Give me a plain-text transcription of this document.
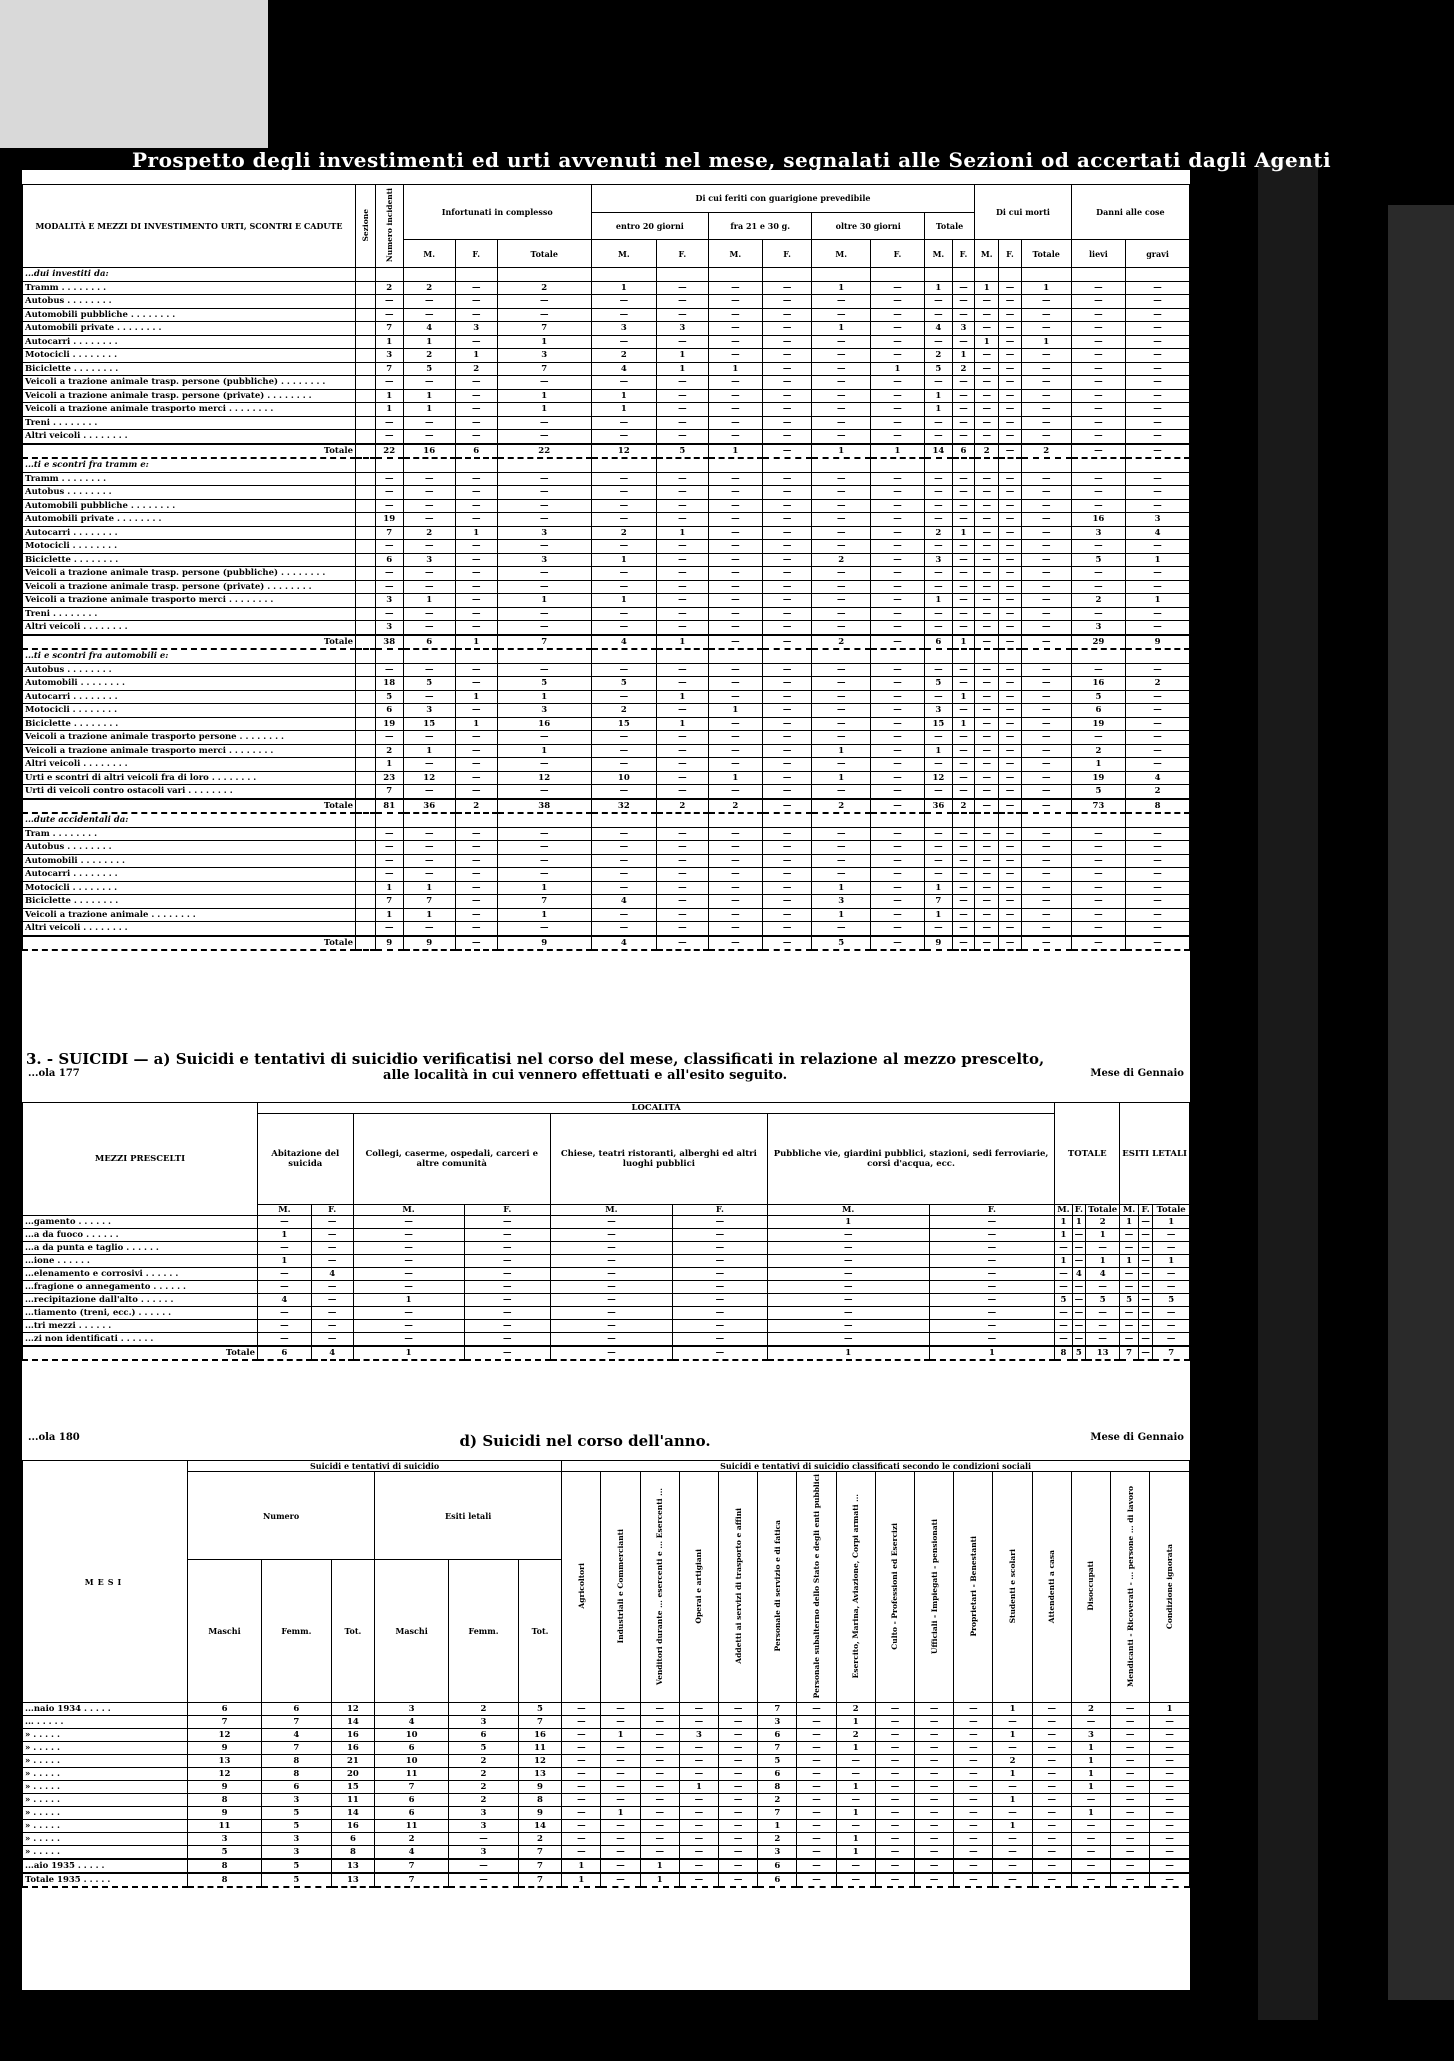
Prospetto degli investimenti ed urti avvenuti nel mese, segnalati alle Sezioni od accertati dagli Agenti
MODALITÀ E MEZZI DI INVESTIMENTO URTI, SCONTRI E CADUTE	Sezione	Numero incidenti	Infortunati in complesso			Di cui feriti con guarigione prevedibile								Di cui morti			Danni alle cose	
						entro 20 giorni		fra 21 e 30 g.		oltre 30 giorni		Totale						
			M.	F.	Totale	M.	F.	M.	F.	M.	F.	M.	F.	M.	F.	Totale	lievi	gravi
...dui investiti da:																		
Tramm . . . . . . . .		2	2	—	2	1	—	—	—	1	—	1	—	1	—	1	—	—
Autobus . . . . . . . .		—	—	—	—	—	—	—	—	—	—	—	—	—	—	—	—	—
Automobili pubbliche . . . . . . . .		—	—	—	—	—	—	—	—	—	—	—	—	—	—	—	—	—
Automobili private . . . . . . . .		7	4	3	7	3	3	—	—	1	—	4	3	—	—	—	—	—
Autocarri . . . . . . . .		1	1	—	1	—	—	—	—	—	—	—	—	1	—	1	—	—
Motocicli . . . . . . . .		3	2	1	3	2	1	—	—	—	—	2	1	—	—	—	—	—
Biciclette . . . . . . . .		7	5	2	7	4	1	1	—	—	1	5	2	—	—	—	—	—
Veicoli a trazione animale trasp. persone (pubbliche) . . . . . . . .		—	—	—	—	—	—	—	—	—	—	—	—	—	—	—	—	—
Veicoli a trazione animale trasp. persone (private) . . . . . . . .		1	1	—	1	1	—	—	—	—	—	1	—	—	—	—	—	—
Veicoli a trazione animale trasporto merci . . . . . . . .		1	1	—	1	1	—	—	—	—	—	1	—	—	—	—	—	—
Treni . . . . . . . .		—	—	—	—	—	—	—	—	—	—	—	—	—	—	—	—	—
Altri veicoli . . . . . . . .		—	—	—	—	—	—	—	—	—	—	—	—	—	—	—	—	—
Totale		22	16	6	22	12	5	1	—	1	1	14	6	2	—	2	—	—
...ti e scontri fra tramm e:																		
Tramm . . . . . . . .		—	—	—	—	—	—	—	—	—	—	—	—	—	—	—	—	—
Autobus . . . . . . . .		—	—	—	—	—	—	—	—	—	—	—	—	—	—	—	—	—
Automobili pubbliche . . . . . . . .		—	—	—	—	—	—	—	—	—	—	—	—	—	—	—	—	—
Automobili private . . . . . . . .		19	—	—	—	—	—	—	—	—	—	—	—	—	—	—	16	3
Autocarri . . . . . . . .		7	2	1	3	2	1	—	—	—	—	2	1	—	—	—	3	4
Motocicli . . . . . . . .		—	—	—	—	—	—	—	—	—	—	—	—	—	—	—	—	—
Biciclette . . . . . . . .		6	3	—	3	1	—	—	—	2	—	3	—	—	—	—	5	1
Veicoli a trazione animale trasp. persone (pubbliche) . . . . . . . .		—	—	—	—	—	—	—	—	—	—	—	—	—	—	—	—	—
Veicoli a trazione animale trasp. persone (private) . . . . . . . .		—	—	—	—	—	—	—	—	—	—	—	—	—	—	—	—	—
Veicoli a trazione animale trasporto merci . . . . . . . .		3	1	—	1	1	—	—	—	—	—	1	—	—	—	—	2	1
Treni . . . . . . . .		—	—	—	—	—	—	—	—	—	—	—	—	—	—	—	—	—
Altri veicoli . . . . . . . .		3	—	—	—	—	—	—	—	—	—	—	—	—	—	—	3	—
Totale		38	6	1	7	4	1	—	—	2	—	6	1	—	—	—	29	9
...ti e scontri fra automobili e:																		
Autobus . . . . . . . .		—	—	—	—	—	—	—	—	—	—	—	—	—	—	—	—	—
Automobili . . . . . . . .		18	5	—	5	5	—	—	—	—	—	5	—	—	—	—	16	2
Autocarri . . . . . . . .		5	—	1	1	—	1	—	—	—	—	—	1	—	—	—	5	—
Motocicli . . . . . . . .		6	3	—	3	2	—	1	—	—	—	3	—	—	—	—	6	—
Biciclette . . . . . . . .		19	15	1	16	15	1	—	—	—	—	15	1	—	—	—	19	—
Veicoli a trazione animale trasporto persone . . . . . . . .		—	—	—	—	—	—	—	—	—	—	—	—	—	—	—	—	—
Veicoli a trazione animale trasporto merci . . . . . . . .		2	1	—	1	—	—	—	—	1	—	1	—	—	—	—	2	—
Altri veicoli . . . . . . . .		1	—	—	—	—	—	—	—	—	—	—	—	—	—	—	1	—
Urti e scontri di altri veicoli fra di loro . . . . . . . .		23	12	—	12	10	—	1	—	1	—	12	—	—	—	—	19	4
Urti di veicoli contro ostacoli vari . . . . . . . .		7	—	—	—	—	—	—	—	—	—	—	—	—	—	—	5	2
Totale		81	36	2	38	32	2	2	—	2	—	36	2	—	—	—	73	8
...dute accidentali da:																		
Tram . . . . . . . .		—	—	—	—	—	—	—	—	—	—	—	—	—	—	—	—	—
Autobus . . . . . . . .		—	—	—	—	—	—	—	—	—	—	—	—	—	—	—	—	—
Automobili . . . . . . . .		—	—	—	—	—	—	—	—	—	—	—	—	—	—	—	—	—
Autocarri . . . . . . . .		—	—	—	—	—	—	—	—	—	—	—	—	—	—	—	—	—
Motocicli . . . . . . . .		1	1	—	1	—	—	—	—	1	—	1	—	—	—	—	—	—
Biciclette . . . . . . . .		7	7	—	7	4	—	—	—	3	—	7	—	—	—	—	—	—
Veicoli a trazione animale . . . . . . . .		1	1	—	1	—	—	—	—	1	—	1	—	—	—	—	—	—
Altri veicoli . . . . . . . .		—	—	—	—	—	—	—	—	—	—	—	—	—	—	—	—	—
Totale		9	9	—	9	4	—	—	—	5	—	9	—	—	—	—	—	—
3. - SUICIDI — a) Suicidi e tentativi di suicidio verificatisi nel corso del mese, classificati in relazione al mezzo prescelto,
...ola 177	alle località in cui vennero effettuati e all'esito seguito.	Mese di Gennaio
MEZZI PRESCELTI	LOCALITÀ								TOTALE			ESITI LETALI		
	Abitazione del suicida		Collegi, caserme, ospedali, carceri e altre comunità		Chiese, teatri ristoranti, alberghi ed altri luoghi pubblici		Pubbliche vie, giardini pubblici, stazioni, sedi ferroviarie, corsi d'acqua, ecc.							
	M.	F.	M.	F.	M.	F.	M.	F.	M.	F.	Totale	M.	F.	Totale
...gamento . . . . . .	—	—	—	—	—	—	1	—	1	1	2	1	—	1
...a da fuoco . . . . . .	1	—	—	—	—	—	—	—	1	—	1	—	—	—
...a da punta e taglio . . . . . .	—	—	—	—	—	—	—	—	—	—	—	—	—	—
...ione . . . . . .	1	—	—	—	—	—	—	—	1	—	1	1	—	1
...elenamento e corrosivi . . . . . .	—	4	—	—	—	—	—	—	—	4	4	—	—	—
...fragione o annegamento . . . . . .	—	—	—	—	—	—	—	—	—	—	—	—	—	—
...recipitazione dall'alto . . . . . .	4	—	1	—	—	—	—	—	5	—	5	5	—	5
...tiamento (treni, ecc.) . . . . . .	—	—	—	—	—	—	—	—	—	—	—	—	—	—
...tri mezzi . . . . . .	—	—	—	—	—	—	—	—	—	—	—	—	—	—
...zi non identificati . . . . . .	—	—	—	—	—	—	—	—	—	—	—	—	—	—
Totale	6	4	1	—	—	—	1	1	8	5	13	7	—	7
...ola 180	d) Suicidi nel corso dell'anno.	Mese di Gennaio
MESI	Suicidi e tentativi di suicidio						Suicidi e tentativi di suicidio classificati secondo le condizioni sociali															
	Numero			Esiti letali			Agricoltori	Industriali e Commercianti	Venditori durante ... esercenti e ... Esercenti ...	Operai e artigiani	Addetti ai servizi di trasporto e affini	Personale di servizio e di fatica	Personale subalterno dello Stato e degli enti pubblici	Esercito, Marina, Aviazione, Corpi armati ...	Culto - Professioni ed Esercizi	Ufficiali - Impiegati - pensionati	Proprietari - Benestanti	Studenti e scolari	Attendenti a casa	Disoccupati	Mendicanti - Ricoverati - ... persone ... di lavoro	Condizione ignorata
	Maschi	Femm.	Tot.	Maschi	Femm.	Tot.																
...naio 1934 . . . . .	6	6	12	3	2	5	—	—	—	—	—	7	—	2	—	—	—	1	—	2	—	1
... . . . . .	7	7	14	4	3	7	—	—	—	—	—	3	—	1	—	—	—	—	—	—	—	—
» . . . . .	12	4	16	10	6	16	—	1	—	3	—	6	—	2	—	—	—	1	—	3	—	—
» . . . . .	9	7	16	6	5	11	—	—	—	—	—	7	—	1	—	—	—	—	—	1	—	—
» . . . . .	13	8	21	10	2	12	—	—	—	—	—	5	—	—	—	—	—	2	—	1	—	—
» . . . . .	12	8	20	11	2	13	—	—	—	—	—	6	—	—	—	—	—	1	—	1	—	—
» . . . . .	9	6	15	7	2	9	—	—	—	1	—	8	—	1	—	—	—	—	—	1	—	—
» . . . . .	8	3	11	6	2	8	—	—	—	—	—	2	—	—	—	—	—	1	—	—	—	—
» . . . . .	9	5	14	6	3	9	—	1	—	—	—	7	—	1	—	—	—	—	—	1	—	—
» . . . . .	11	5	16	11	3	14	—	—	—	—	—	1	—	—	—	—	—	1	—	—	—	—
» . . . . .	3	3	6	2	—	2	—	—	—	—	—	2	—	1	—	—	—	—	—	—	—	—
» . . . . .	5	3	8	4	3	7	—	—	—	—	—	3	—	1	—	—	—	—	—	—	—	—
...aio 1935 . . . . .	8	5	13	7	—	7	1	—	1	—	—	6	—	—	—	—	—	—	—	—	—	—
Totale 1935 . . . . .	8	5	13	7	—	7	1	—	1	—	—	6	—	—	—	—	—	—	—	—	—	—
